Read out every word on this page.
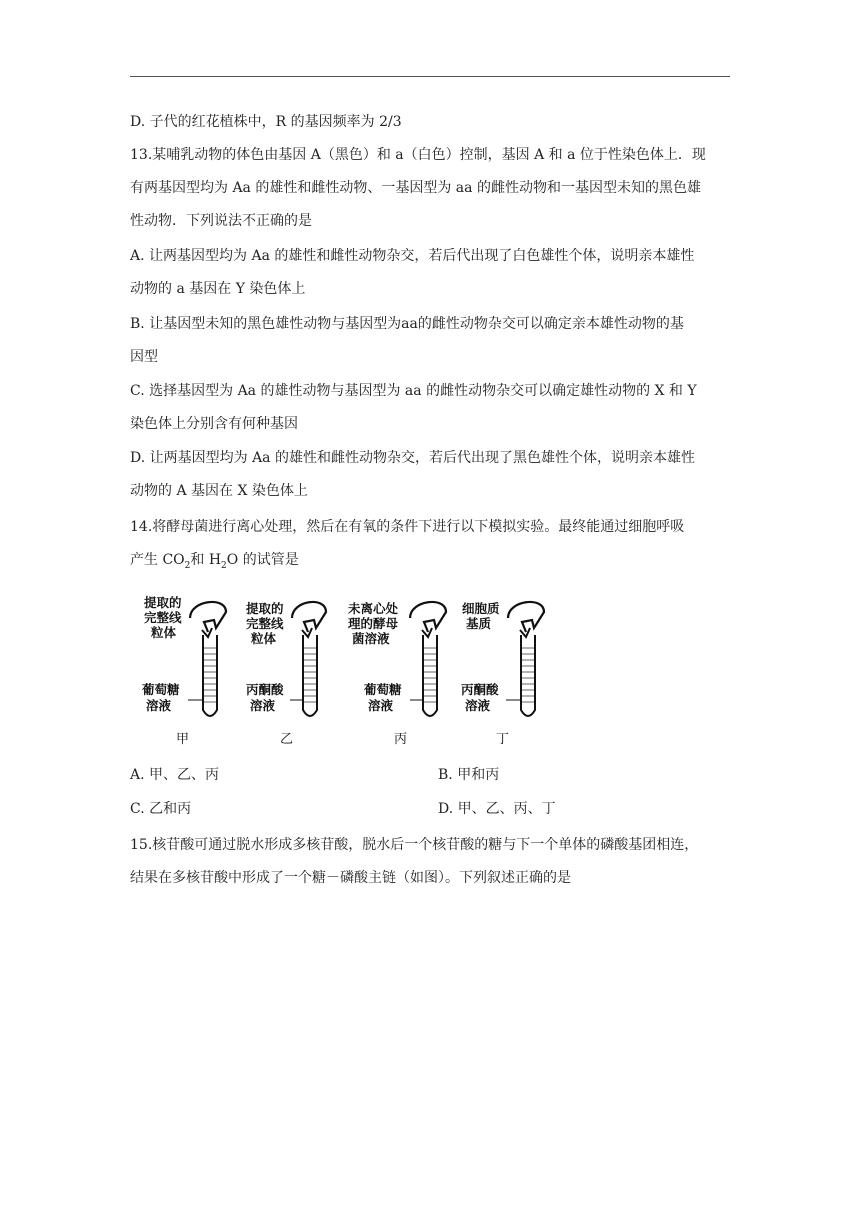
D. 子代的红花植株中，R 的基因频率为 2/3
13.某哺乳动物的体色由基因 A（黑色）和 a（白色）控制，基因 A 和 a 位于性染色体上．现
有两基因型均为 Aa 的雄性和雌性动物、一基因型为 aa 的雌性动物和一基因型未知的黑色雄
性动物．下列说法不正确的是
A. 让两基因型均为 Aa 的雄性和雌性动物杂交，若后代出现了白色雄性个体，说明亲本雄性
动物的 a 基因在 Y 染色体上
B. 让基因型未知的黑色雄性动物与基因型为aa的雌性动物杂交可以确定亲本雄性动物的基
因型
C. 选择基因型为 Aa 的雄性动物与基因型为 aa 的雌性动物杂交可以确定雄性动物的 X 和 Y
染色体上分别含有何种基因
D. 让两基因型均为 Aa 的雄性和雌性动物杂交，若后代出现了黑色雄性个体，说明亲本雄性
动物的 A 基因在 X 染色体上
14.将酵母菌进行离心处理，然后在有氧的条件下进行以下模拟实验。最终能通过细胞呼吸
产生 $CO_2$和 $H_2O$ 的试管是
提取的
完整线
粒体
葡萄糖
溶液
甲
提取的
完整线
粒体
丙酮酸
溶液
乙
未离心处
理的酵母
菌溶液
葡萄糖
溶液
丙
细胞质
基质
丙酮酸
溶液
丁
A. 甲、乙、丙	B. 甲和丙
C. 乙和丙	D. 甲、乙、丙、丁
15.核苷酸可通过脱水形成多核苷酸，脱水后一个核苷酸的糖与下一个单体的磷酸基团相连，
结果在多核苷酸中形成了一个糖－磷酸主链（如图）。下列叙述正确的是
